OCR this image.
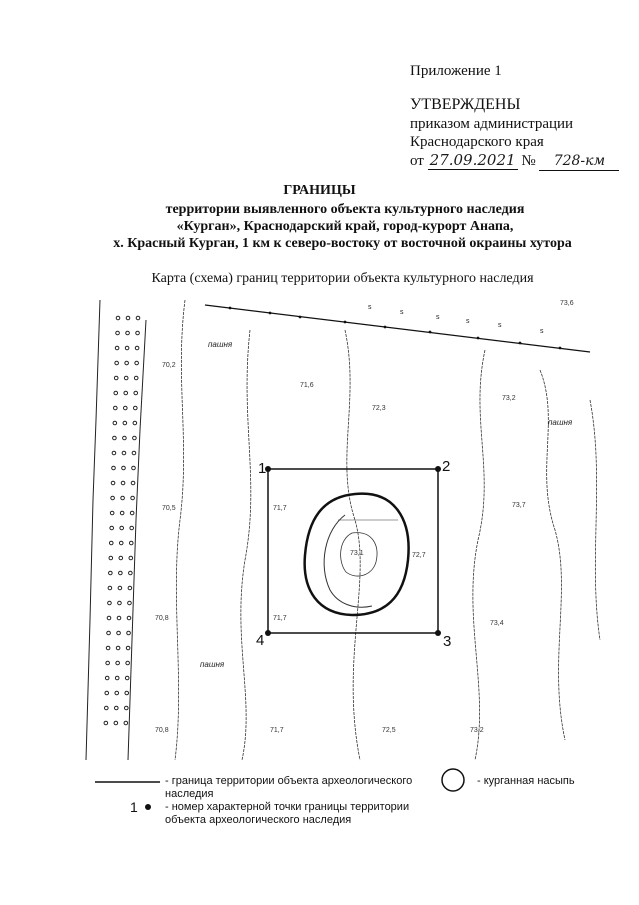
Приложение 1
УТВЕРЖДЕНЫ
приказом администрации
Краснодарского края
от 27.09.2021 № 728-км
ГРАНИЦЫ
территории выявленного объекта культурного наследия
«Курган», Краснодарский край, город-курорт Анапа,
х. Красный Курган, 1 км к северо-востоку от восточной окраины хутора
Карта (схема) границ территории объекта культурного наследия
s
s
s
s
s
s
70,2
71,6
72,3
73,2
73,6
70,5	71,7
73,1	72,7
73,7
70,8	71,7
73,4
70,8	71,7	72,5	73,2
пашня
пашня
пашня
1	2
3
4
- граница территории объекта археологического наследия
- курганная насыпь
1 - номер характерной точки границы территории объекта археологического наследия
